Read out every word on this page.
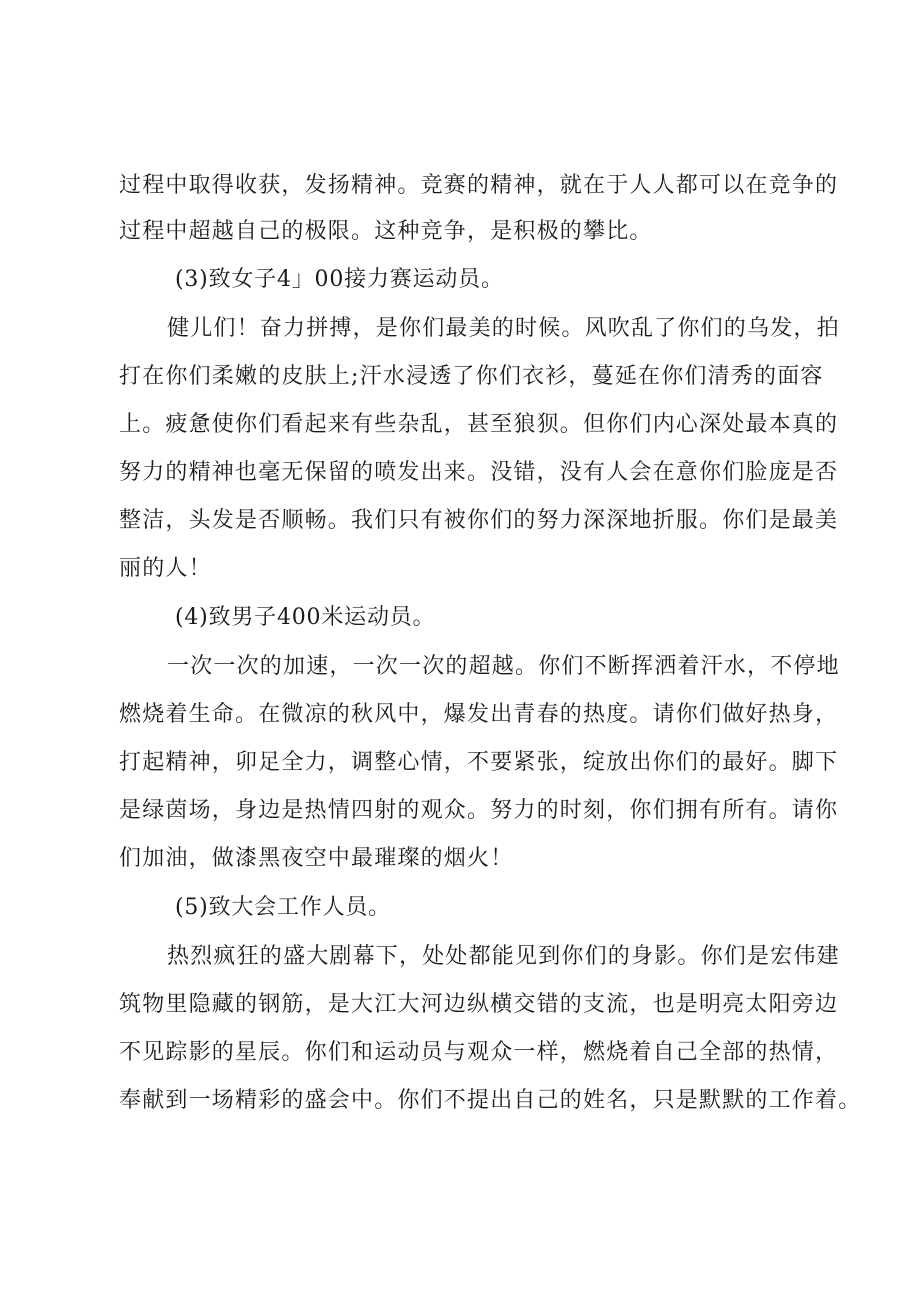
过程中取得收获，发扬精神。竞赛的精神，就在于人人都可以在竞争的
过程中超越自己的极限。这种竞争，是积极的攀比。
(3)致女子4」00接力赛运动员。
健儿们！奋力拼搏，是你们最美的时候。风吹乱了你们的乌发，拍
打在你们柔嫩的皮肤上;汗水浸透了你们衣衫，蔓延在你们清秀的面容
上。疲惫使你们看起来有些杂乱，甚至狼狈。但你们内心深处最本真的
努力的精神也毫无保留的喷发出来。没错，没有人会在意你们脸庞是否
整洁，头发是否顺畅。我们只有被你们的努力深深地折服。你们是最美
丽的人！
(4)致男子400米运动员。
一次一次的加速，一次一次的超越。你们不断挥洒着汗水，不停地
燃烧着生命。在微凉的秋风中，爆发出青春的热度。请你们做好热身，
打起精神，卯足全力，调整心情，不要紧张，绽放出你们的最好。脚下
是绿茵场，身边是热情四射的观众。努力的时刻，你们拥有所有。请你
们加油，做漆黑夜空中最璀璨的烟火！
(5)致大会工作人员。
热烈疯狂的盛大剧幕下，处处都能见到你们的身影。你们是宏伟建
筑物里隐藏的钢筋，是大江大河边纵横交错的支流，也是明亮太阳旁边
不见踪影的星辰。你们和运动员与观众一样，燃烧着自己全部的热情，
奉献到一场精彩的盛会中。你们不提出自己的姓名，只是默默的工作着。
